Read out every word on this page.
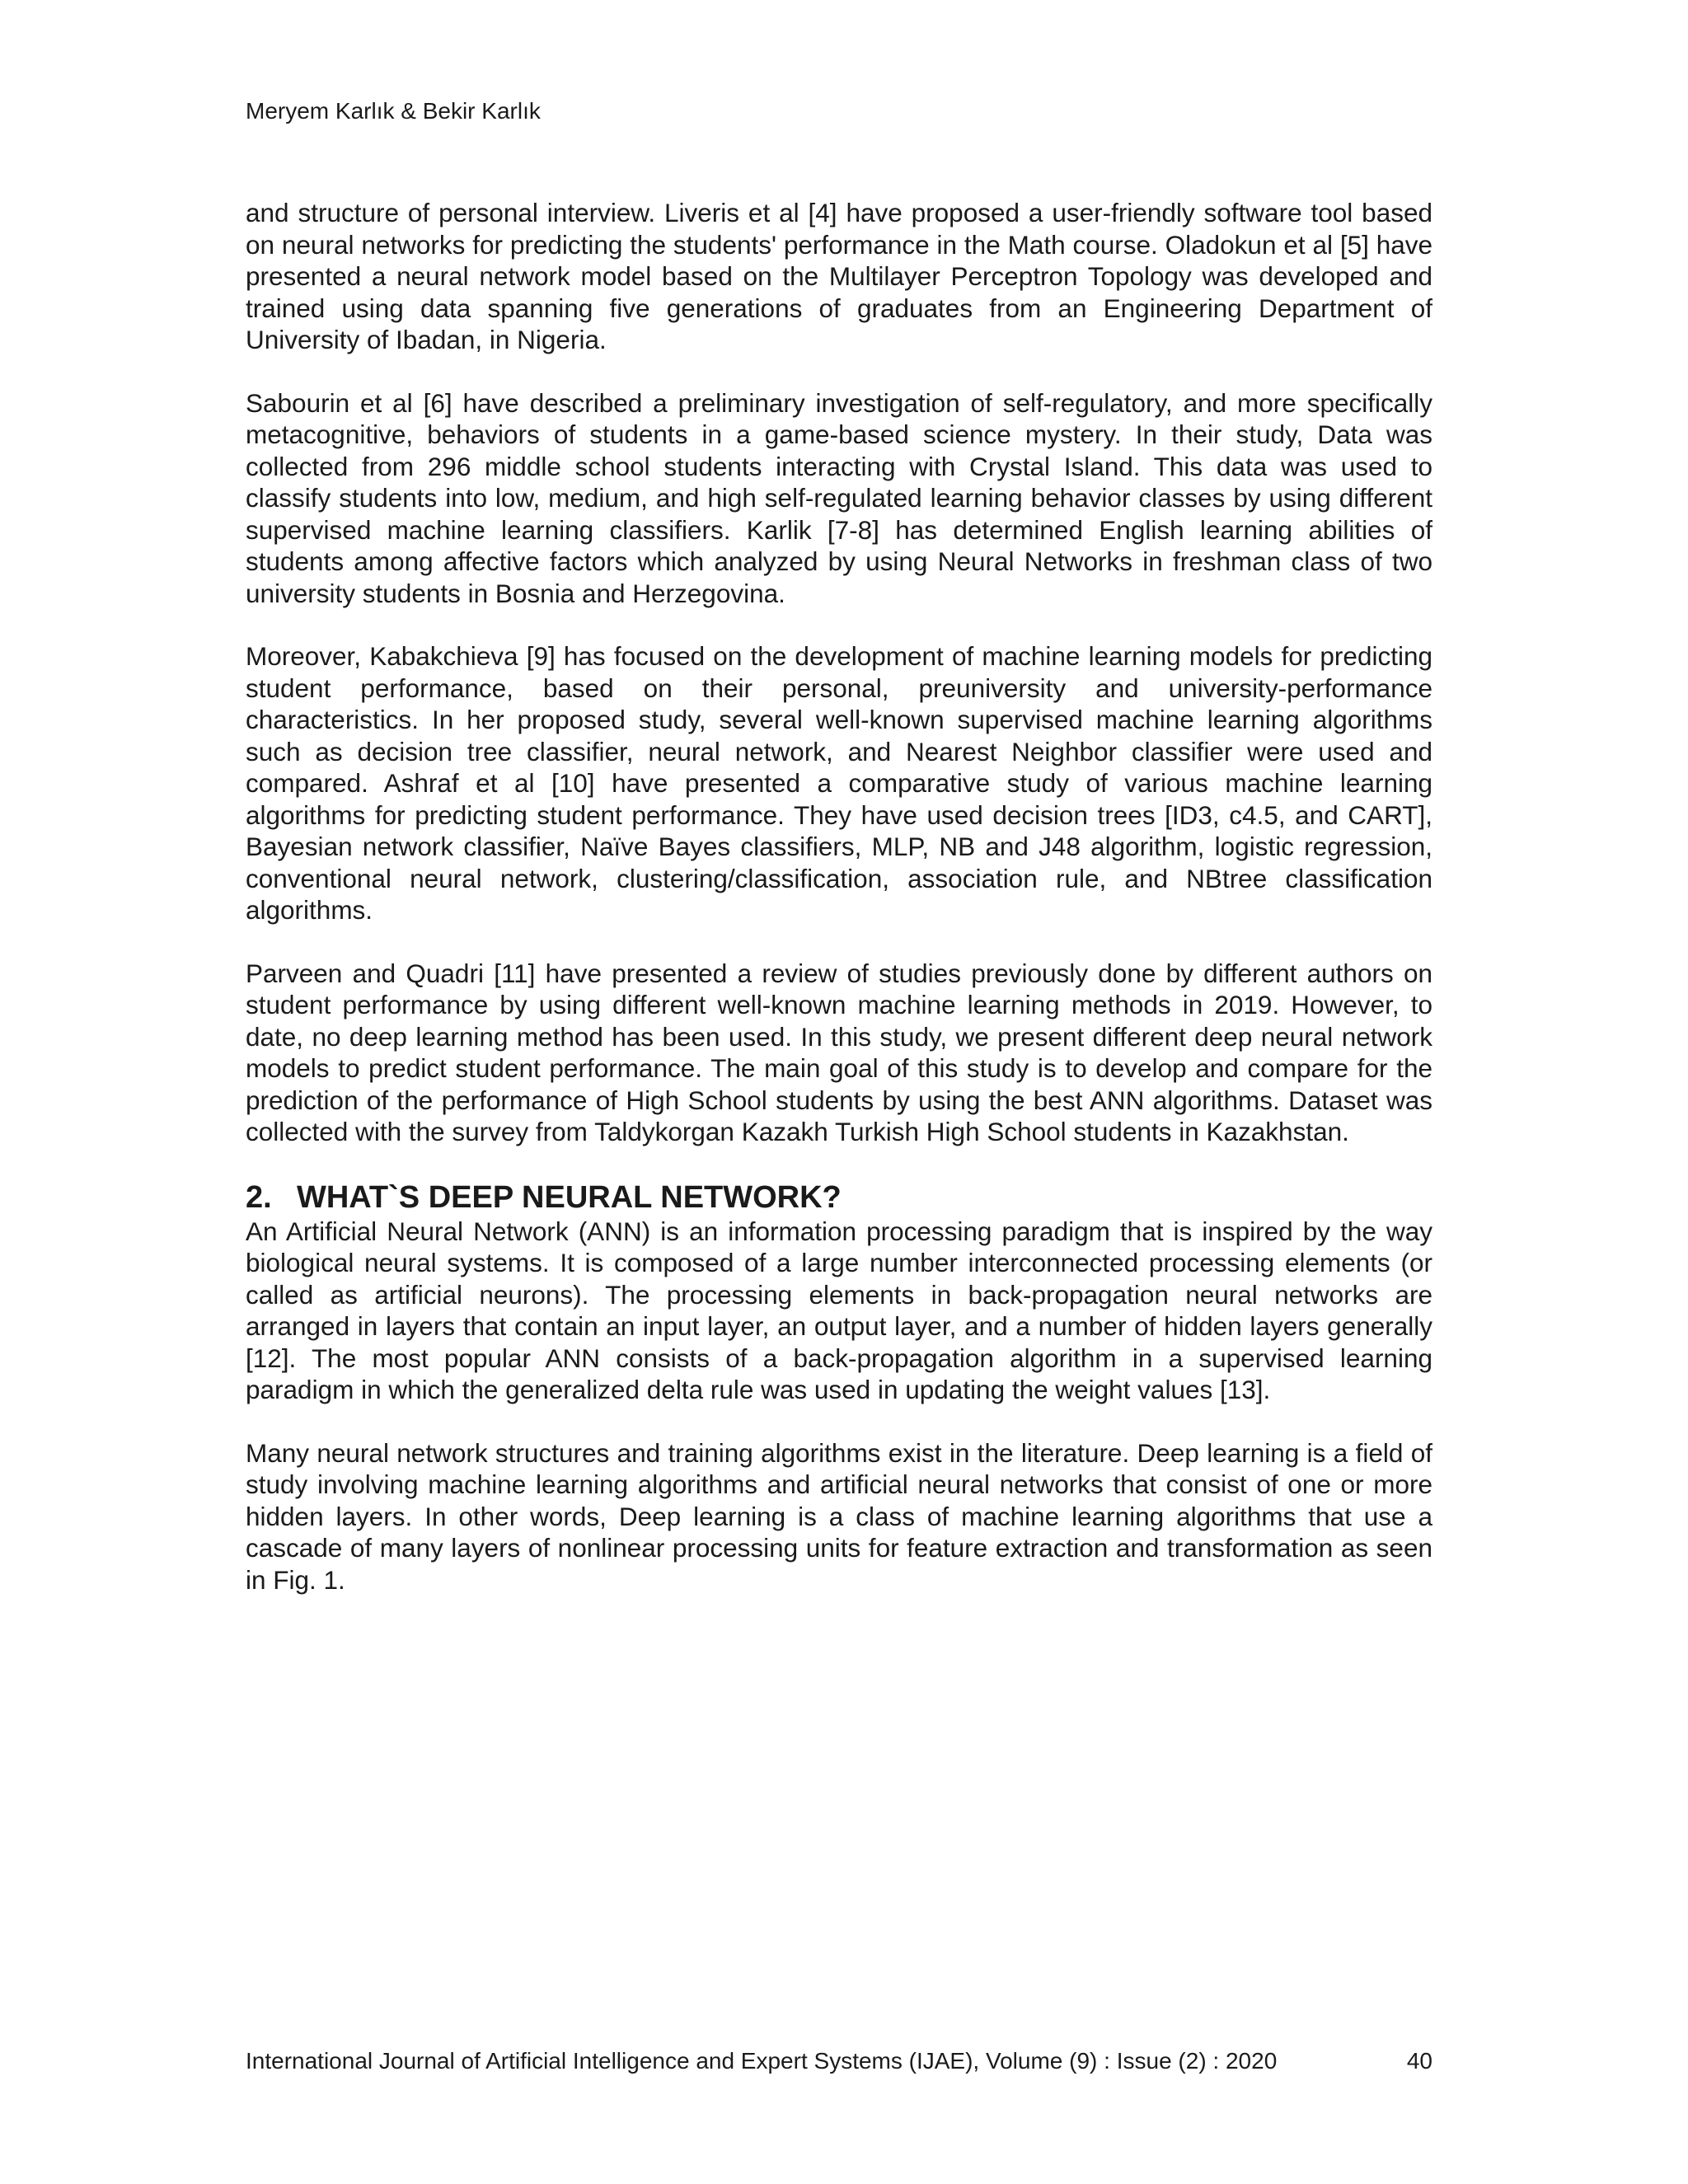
Meryem Karlık & Bekir Karlık

and structure of personal interview. Liveris et al [4] have proposed a user-friendly software tool based on neural networks for predicting the students' performance in the Math course. Oladokun et al [5] have presented a neural network model based on the Multilayer Perceptron Topology was developed and trained using data spanning five generations of graduates from an Engineering Department of University of Ibadan, in Nigeria.

Sabourin et al [6] have described a preliminary investigation of self-regulatory, and more specifically metacognitive, behaviors of students in a game-based science mystery. In their study, Data was collected from 296 middle school students interacting with Crystal Island. This data was used to classify students into low, medium, and high self-regulated learning behavior classes by using different supervised machine learning classifiers. Karlik [7-8] has determined English learning abilities of students among affective factors which analyzed by using Neural Networks in freshman class of two university students in Bosnia and Herzegovina.

Moreover, Kabakchieva [9] has focused on the development of machine learning models for predicting student performance, based on their personal, preuniversity and university-performance characteristics. In her proposed study, several well-known supervised machine learning algorithms such as decision tree classifier, neural network, and Nearest Neighbor classifier were used and compared. Ashraf et al [10] have presented a comparative study of various machine learning algorithms for predicting student performance. They have used decision trees [ID3, c4.5, and CART], Bayesian network classifier, Naïve Bayes classifiers, MLP, NB and J48 algorithm, logistic regression, conventional neural network, clustering/classification, association rule, and NBtree classification algorithms.

Parveen and Quadri [11] have presented a review of studies previously done by different authors on student performance by using different well-known machine learning methods in 2019. However, to date, no deep learning method has been used. In this study, we present different deep neural network models to predict student performance. The main goal of this study is to develop and compare for the prediction of the performance of High School students by using the best ANN algorithms. Dataset was collected with the survey from Taldykorgan Kazakh Turkish High School students in Kazakhstan.

2. WHAT`S DEEP NEURAL NETWORK?

An Artificial Neural Network (ANN) is an information processing paradigm that is inspired by the way biological neural systems. It is composed of a large number interconnected processing elements (or called as artificial neurons). The processing elements in back-propagation neural networks are arranged in layers that contain an input layer, an output layer, and a number of hidden layers generally [12]. The most popular ANN consists of a back-propagation algorithm in a supervised learning paradigm in which the generalized delta rule was used in updating the weight values [13].

Many neural network structures and training algorithms exist in the literature. Deep learning is a field of study involving machine learning algorithms and artificial neural networks that consist of one or more hidden layers. In other words, Deep learning is a class of machine learning algorithms that use a cascade of many layers of nonlinear processing units for feature extraction and transformation as seen in Fig. 1.

International Journal of Artificial Intelligence and Expert Systems (IJAE), Volume (9) : Issue (2) : 2020	40
